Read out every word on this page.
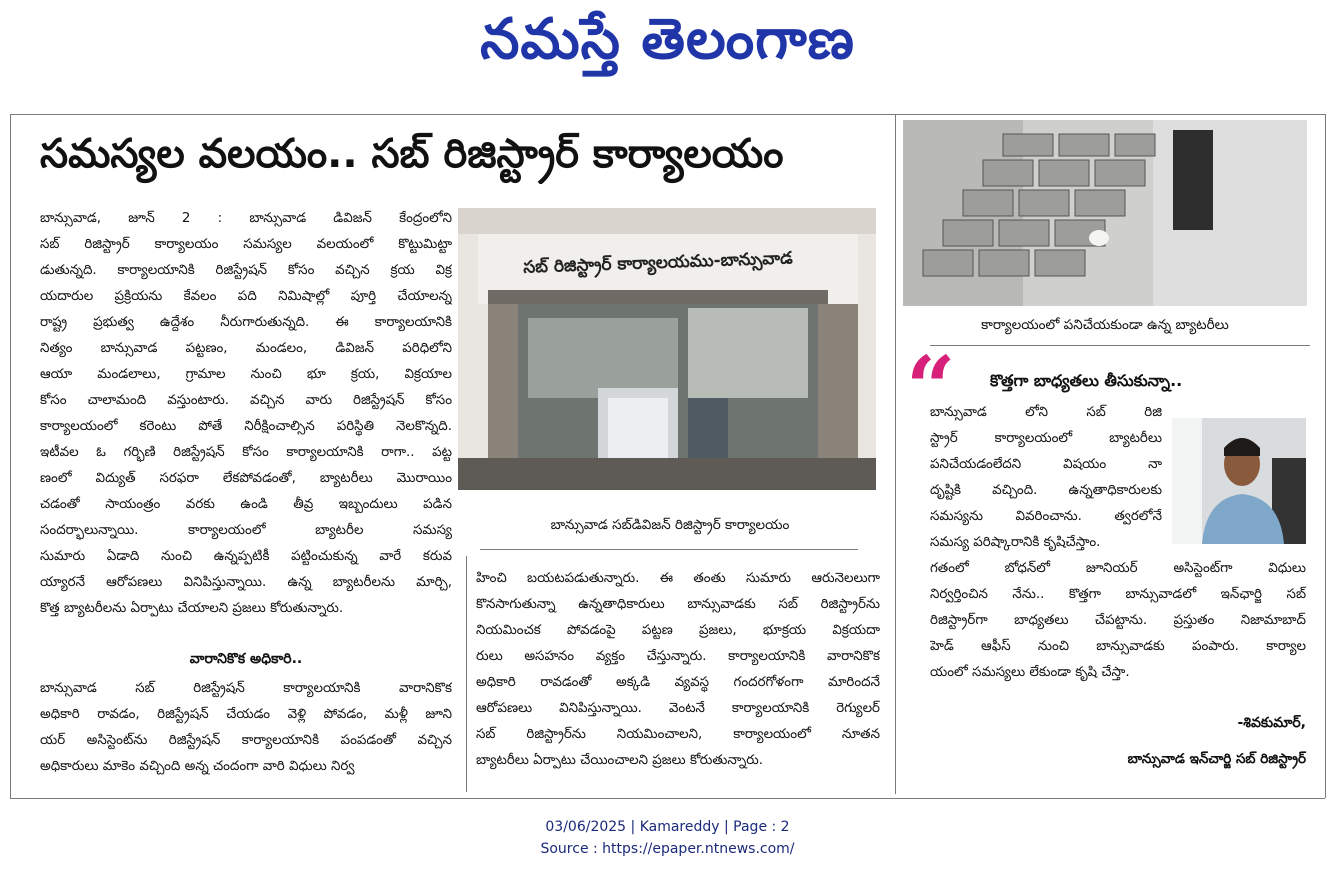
నమస్తే తెలంగాణ
సమస్యల వలయం.. సబ్ రిజిస్ట్రార్ కార్యాలయం
బాన్సువాడ, జూన్ 2 : బాన్సువాడ డివిజన్ కేంద్రంలోని
సబ్ రిజిస్ట్రార్ కార్యాలయం సమస్యల వలయంలో కొట్టుమిట్టా
డుతున్నది. కార్యాలయానికి రిజిస్ట్రేషన్ కోసం వచ్చిన క్రయ విక్ర
యదారుల ప్రక్రియను కేవలం పది నిమిషాల్లో పూర్తి చేయాలన్న
రాష్ట్ర ప్రభుత్వ ఉద్దేశం నీరుగారుతున్నది. ఈ కార్యాలయానికి
నిత్యం బాన్సువాడ పట్టణం, మండలం, డివిజన్ పరిధిలోని
ఆయా మండలాలు, గ్రామాల నుంచి భూ క్రయ, విక్రయాల
కోసం చాలామంది వస్తుంటారు. వచ్చిన వారు రిజిస్ట్రేషన్ కోసం
కార్యాలయంలో కరెంటు పోతే నిరీక్షించాల్సిన పరిస్థితి నెలకొన్నది.
ఇటీవల ఓ గర్భిణి రిజిస్ట్రేషన్ కోసం కార్యాలయానికి రాగా.. పట్ట
ణంలో విద్యుత్ సరఫరా లేకపోవడంతో, బ్యాటరీలు మొరాయిం
చడంతో సాయంత్రం వరకు ఉండి తీవ్ర ఇబ్బందులు పడిన
సందర్భాలున్నాయి. కార్యాలయంలో బ్యాటరీల సమస్య
సుమారు ఏడాది నుంచి ఉన్నప్పటికీ పట్టించుకున్న వారే కరువ
య్యారనే ఆరోపణలు వినిపిస్తున్నాయి. ఉన్న బ్యాటరీలను మార్చి,
కొత్త బ్యాటరీలను ఏర్పాటు చేయాలని ప్రజలు కోరుతున్నారు.
వారానికొక అధికారి..
బాన్సువాడ సబ్ రిజిస్ట్రేషన్ కార్యాలయానికి వారానికొక
అధికారి రావడం, రిజిస్ట్రేషన్ చేయడం వెళ్లి పోవడం, మళ్లీ జూని
యర్ అసిస్టెంట్‌ను రిజిస్ట్రేషన్ కార్యాలయానికి పంపడంతో వచ్చిన
అధికారులు మాకెం వచ్చింది అన్న చందంగా వారి విధులు నిర్వ
సబ్ రిజిస్ట్రార్ కార్యాలయము-బాన్సువాడ
బాన్సువాడ సబ్‌డివిజన్ రిజిస్ట్రార్ కార్యాలయం
హించి బయటపడుతున్నారు. ఈ తంతు సుమారు ఆరునెలలుగా
కొనసాగుతున్నా ఉన్నతాధికారులు బాన్సువాడకు సబ్ రిజిస్ట్రార్‌ను
నియమించక పోవడంపై పట్టణ ప్రజలు, భూక్రయ విక్రయదా
రులు అసహనం వ్యక్తం చేస్తున్నారు. కార్యాలయానికి వారానికొక
అధికారి రావడంతో అక్కడి వ్యవస్థ గందరగోళంగా మారిందనే
ఆరోపణలు వినిపిస్తున్నాయి. వెంటనే కార్యాలయానికి రెగ్యులర్
సబ్ రిజిస్ట్రార్‌ను నియమించాలని, కార్యాలయంలో నూతన
బ్యాటరీలు ఏర్పాటు చేయించాలని ప్రజలు కోరుతున్నారు.
కార్యాలయంలో పనిచేయకుండా ఉన్న బ్యాటరీలు
“ కొత్తగా బాధ్యతలు తీసుకున్నా..
బాన్సువాడ లోని సబ్ రిజి
స్ట్రార్ కార్యాలయంలో బ్యాటరీలు
పనిచేయడంలేదని విషయం నా
దృష్టికి వచ్చింది. ఉన్నతాధికారులకు
సమస్యను వివరించాను. త్వరలోనే
సమస్య పరిష్కారానికి కృషిచేస్తాం.
గతంలో బోధన్‌లో జూనియర్ అసిస్టెంట్‌గా విధులు
నిర్వర్తించిన నేను.. కొత్తగా బాన్సువాడలో ఇన్‌ఛార్జి సబ్
రిజిస్ట్రార్‌గా బాధ్యతలు చేపట్టాను. ప్రస్తుతం నిజామాబాద్
హెడ్ ఆఫీస్ నుంచి బాన్సువాడకు పంపారు. కార్యాల
యంలో సమస్యలు లేకుండా కృషి చేస్తా.
-శివకుమార్,
బాన్సువాడ ఇన్‌చార్జి సబ్ రిజిస్ట్రార్
03/06/2025 | Kamareddy | Page : 2
Source : https://epaper.ntnews.com/
